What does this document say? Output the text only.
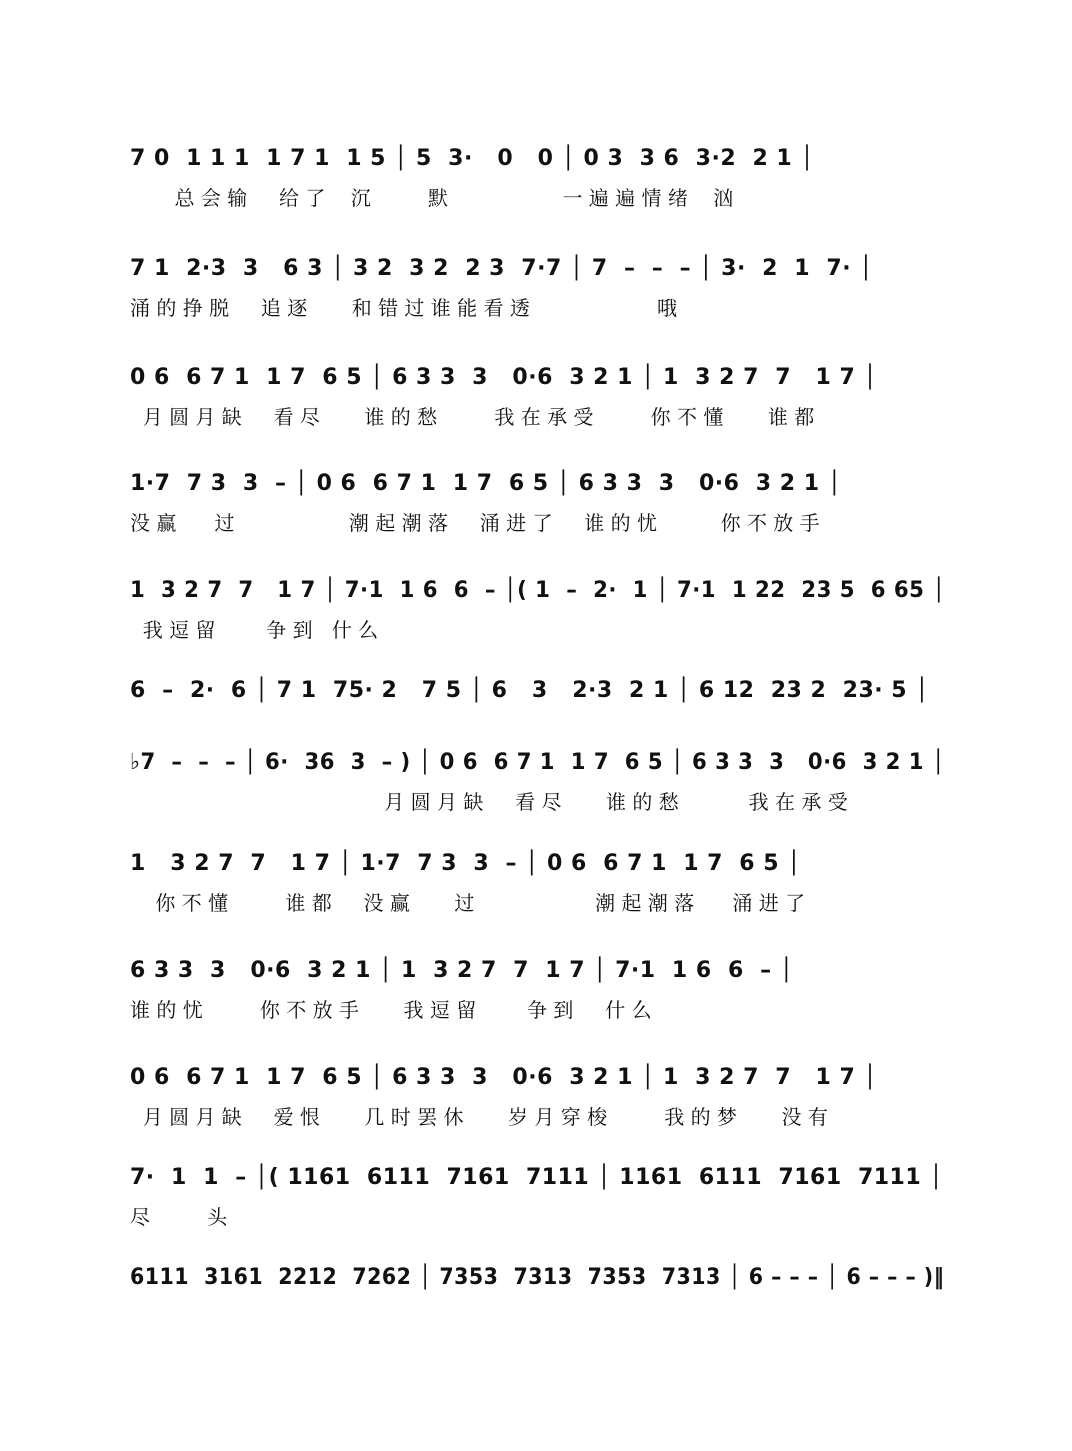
7 0  1 1 1  1 7 1  1 5 │ 5  3·   0   0 │ 0 3  3 6  3·2  2 1 │
总 会 输     给 了    沉         默                  一 遍 遍 情 绪    汹
7 1  2·3  3   6 3 │ 3 2  3 2  2 3  7·7 │ 7  –  –  – │ 3·  2  1  7· │
涌 的 挣 脱     追 逐       和 错 过 谁 能 看 透                    哦
0 6  6 7 1  1 7  6 5 │ 6 3 3  3   0·6  3 2 1 │ 1  3 2 7  7   1 7 │
月 圆 月 缺     看 尽       谁 的 愁         我 在 承 受         你 不 懂       谁 都
1·7  7 3  3  – │ 0 6  6 7 1  1 7  6 5 │ 6 3 3  3   0·6  3 2 1 │
没 赢      过                  潮 起 潮 落     涌 进 了     谁 的 忧          你 不 放 手
1  3 2 7  7   1 7 │ 7·1  1 6  6  – │( 1  –  2·  1 │ 7·1  1 22  23 5  6 65 │
我 逗 留        争 到   什 么
6  –  2·  6 │ 7 1  75· 2   7 5 │ 6   3   2·3  2 1 │ 6 12  23 2  23· 5 │
♭7  –  –  – │ 6·  36  3  – ) │ 0 6  6 7 1  1 7  6 5 │ 6 3 3  3   0·6  3 2 1 │
月 圆 月 缺     看 尽       谁 的 愁           我 在 承 受
1   3 2 7  7   1 7 │ 1·7  7 3  3  – │ 0 6  6 7 1  1 7  6 5 │
你 不 懂         谁 都     没 赢       过                   潮 起 潮 落      涌 进 了
6 3 3  3   0·6  3 2 1 │ 1  3 2 7  7  1 7 │ 7·1  1 6  6  – │
谁 的 忧         你 不 放 手       我 逗 留        争 到     什 么
0 6  6 7 1  1 7  6 5 │ 6 3 3  3   0·6  3 2 1 │ 1  3 2 7  7   1 7 │
月 圆 月 缺     爱 恨       几 时 罢 休       岁 月 穿 梭         我 的 梦       没 有
7·  1  1  – │( 1161  6111  7161  7111 │ 1161  6111  7161  7111 │
尽         头
6111  3161  2212  7262 │ 7353  7313  7353  7313 │ 6 – – – │ 6 – – – )‖
